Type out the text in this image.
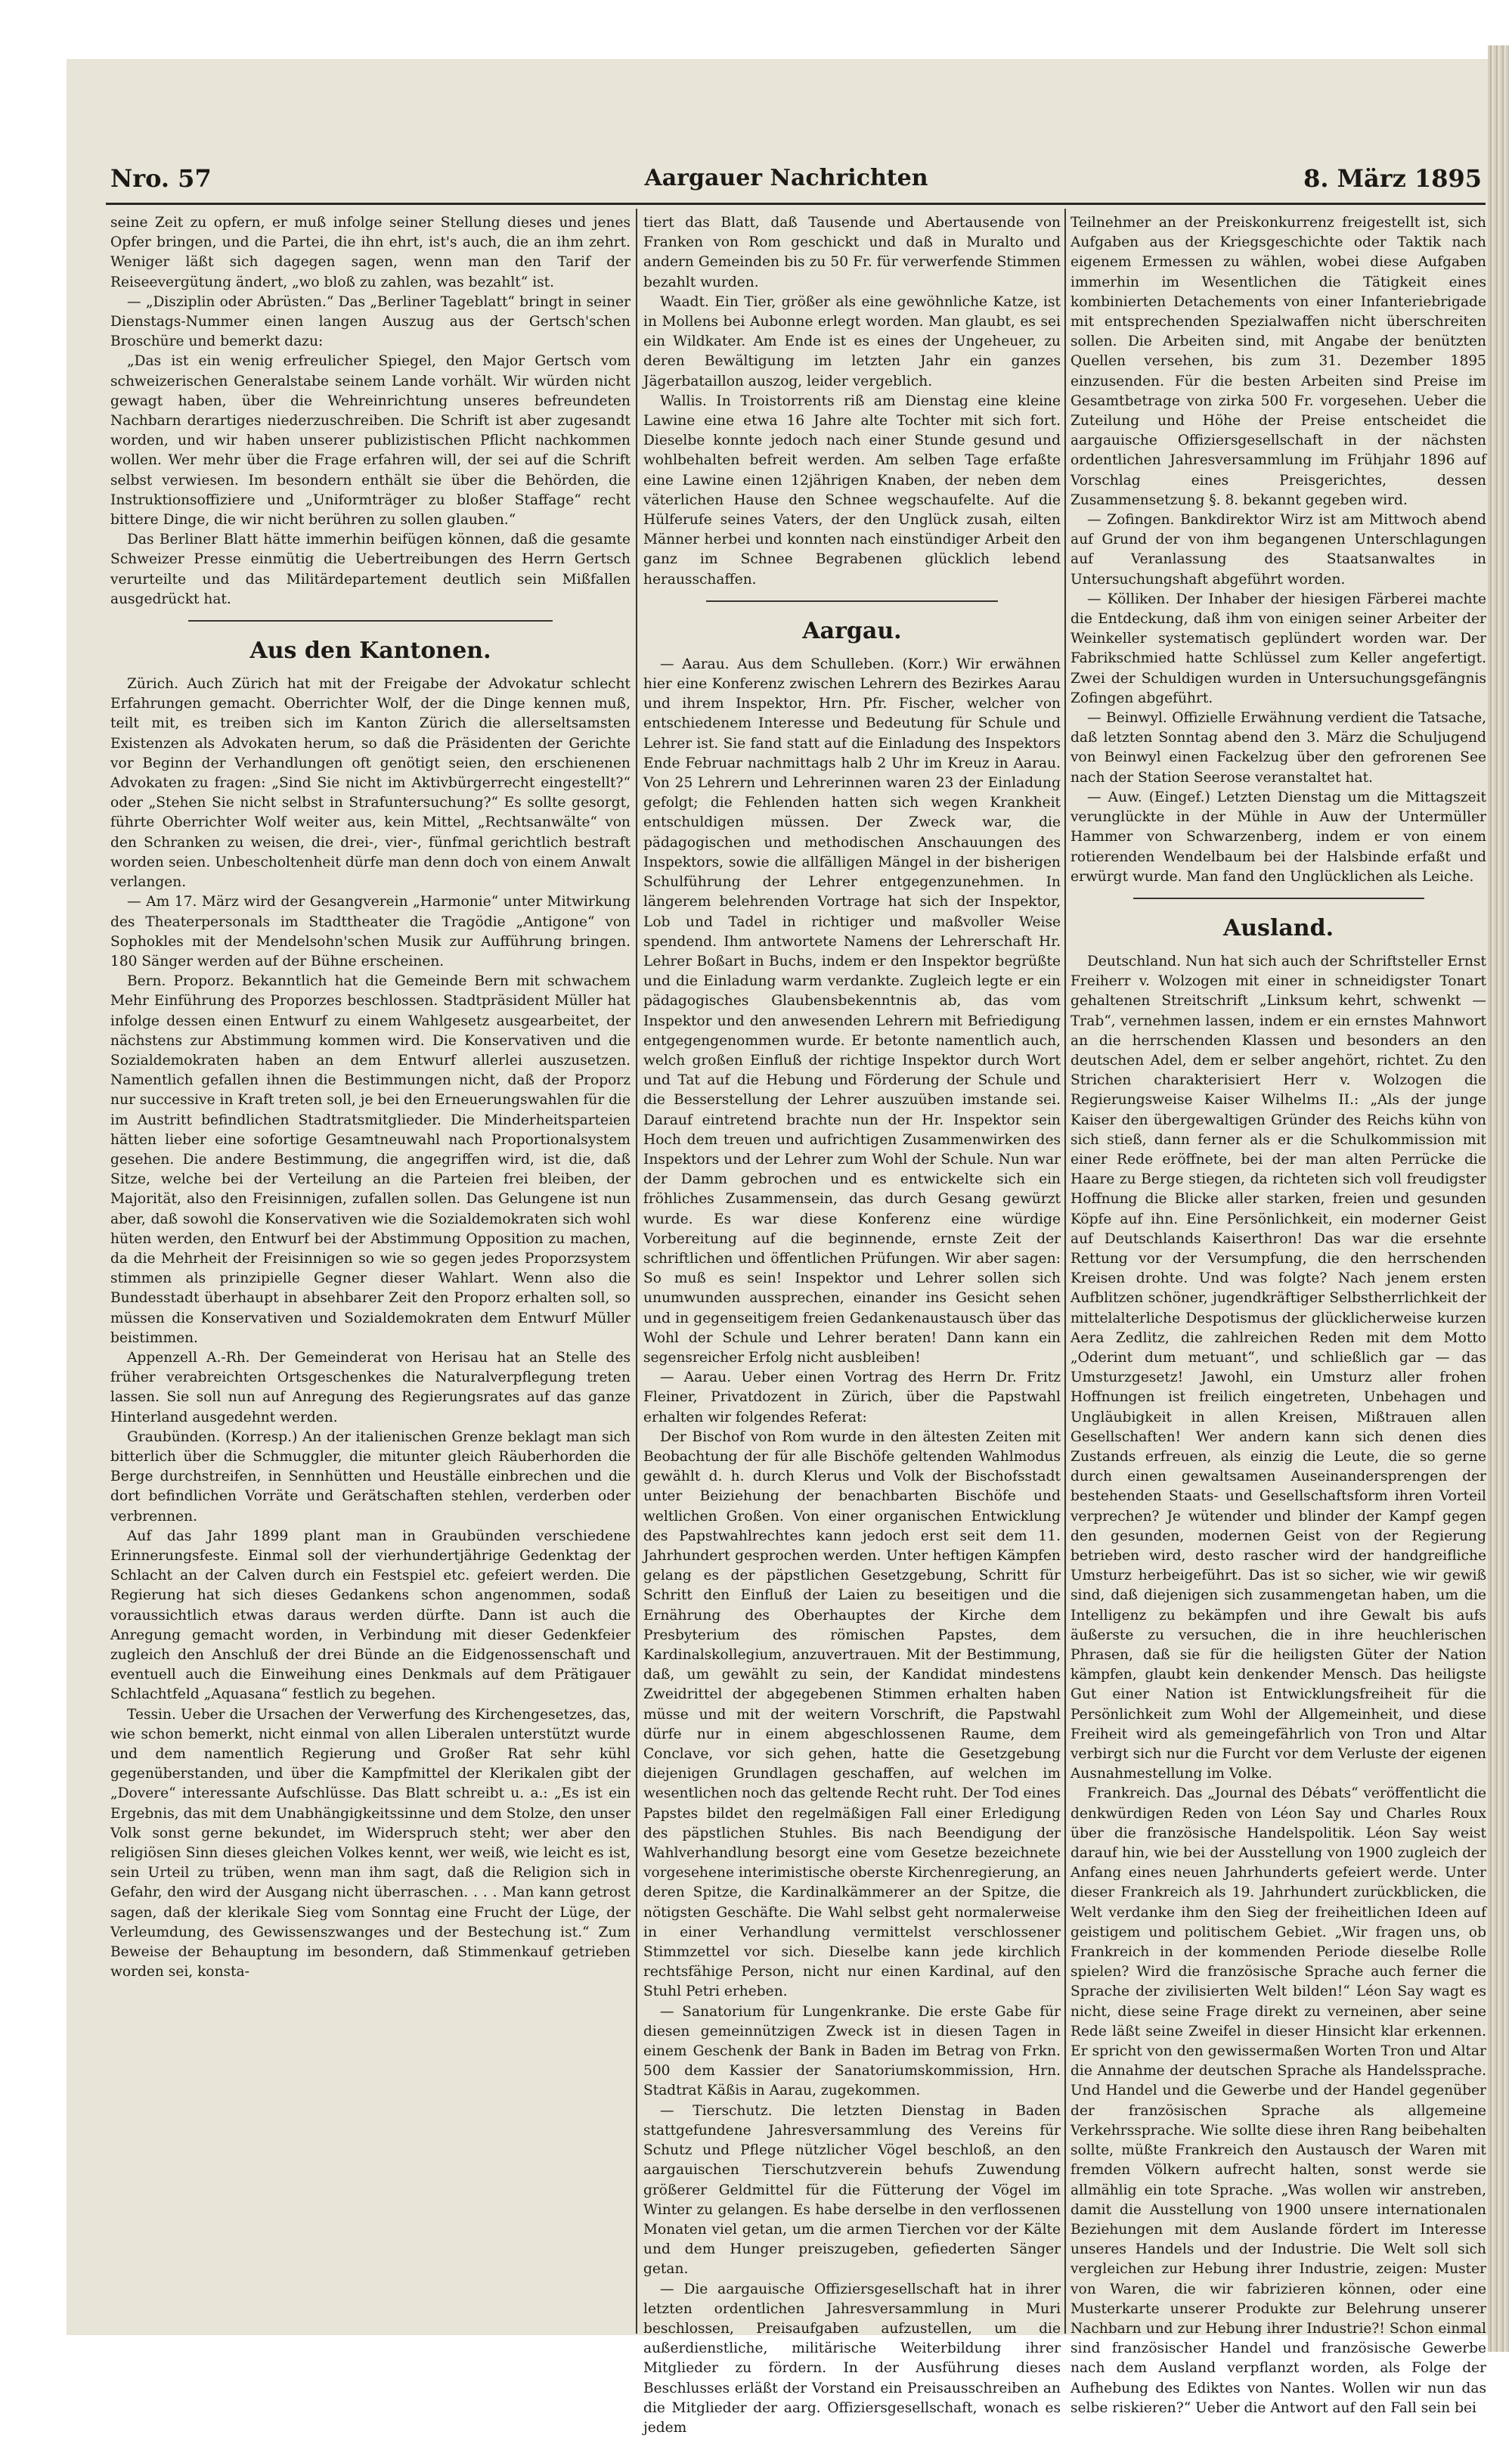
Nro. 57	Aargauer Nachrichten	8. März 1895

seine Zeit zu opfern, er muß infolge seiner Stellung dieses und jenes Opfer bringen, und die Partei, die ihn ehrt, ist's auch, die an ihm zehrt. Weniger läßt sich dagegen sagen, wenn man den Tarif der Reiseevergütung ändert, „wo bloß zu zahlen, was bezahlt“ ist.

— „Disziplin oder Abrüsten.“ Das „Berliner Tageblatt“ bringt in seiner Dienstags-Nummer einen langen Auszug aus der Gertsch'schen Broschüre und bemerkt dazu:

„Das ist ein wenig erfreulicher Spiegel, den Major Gertsch vom schweizerischen Generalstabe seinem Lande vorhält. Wir würden nicht gewagt haben, über die Wehreinrichtung unseres befreundeten Nachbarn derartiges niederzuschreiben. Die Schrift ist aber zugesandt worden, und wir haben unserer publizistischen Pflicht nachkommen wollen. Wer mehr über die Frage erfahren will, der sei auf die Schrift selbst verwiesen. Im besondern enthält sie über die Behörden, die Instruktionsoffiziere und „Uniformträger zu bloßer Staffage“ recht bittere Dinge, die wir nicht berühren zu sollen glauben.“

Das Berliner Blatt hätte immerhin beifügen können, daß die gesamte Schweizer Presse einmütig die Uebertreibungen des Herrn Gertsch verurteilte und das Militärdepartement deutlich sein Mißfallen ausgedrückt hat.

Aus den Kantonen.

Zürich. Auch Zürich hat mit der Freigabe der Advokatur schlecht Erfahrungen gemacht. Oberrichter Wolf, der die Dinge kennen muß, teilt mit, es treiben sich im Kanton Zürich die allerseltsamsten Existenzen als Advokaten herum, so daß die Präsidenten der Gerichte vor Beginn der Verhandlungen oft genötigt seien, den erschienenen Advokaten zu fragen: „Sind Sie nicht im Aktivbürgerrecht eingestellt?“ oder „Stehen Sie nicht selbst in Strafuntersuchung?“ Es sollte gesorgt, führte Oberrichter Wolf weiter aus, kein Mittel, „Rechtsanwälte“ von den Schranken zu weisen, die drei-, vier-, fünfmal gerichtlich bestraft worden seien. Unbescholtenheit dürfe man denn doch von einem Anwalt verlangen.

— Am 17. März wird der Gesangverein „Harmonie“ unter Mitwirkung des Theaterpersonals im Stadttheater die Tragödie „Antigone“ von Sophokles mit der Mendelsohn'schen Musik zur Aufführung bringen. 180 Sänger werden auf der Bühne erscheinen.

Bern. Proporz. Bekanntlich hat die Gemeinde Bern mit schwachem Mehr Einführung des Proporzes beschlossen. Stadtpräsident Müller hat infolge dessen einen Entwurf zu einem Wahlgesetz ausgearbeitet, der nächstens zur Abstimmung kommen wird. Die Konservativen und die Sozialdemokraten haben an dem Entwurf allerlei auszusetzen. Namentlich gefallen ihnen die Bestimmungen nicht, daß der Proporz nur successive in Kraft treten soll, je bei den Erneuerungswahlen für die im Austritt befindlichen Stadtratsmitglieder. Die Minderheitsparteien hätten lieber eine sofortige Gesamtneuwahl nach Proportionalsystem gesehen. Die andere Bestimmung, die angegriffen wird, ist die, daß Sitze, welche bei der Verteilung an die Parteien frei bleiben, der Majorität, also den Freisinnigen, zufallen sollen. Das Gelungene ist nun aber, daß sowohl die Konservativen wie die Sozialdemokraten sich wohl hüten werden, den Entwurf bei der Abstimmung Opposition zu machen, da die Mehrheit der Freisinnigen so wie so gegen jedes Proporzsystem stimmen als prinzipielle Gegner dieser Wahlart. Wenn also die Bundesstadt überhaupt in absehbarer Zeit den Proporz erhalten soll, so müssen die Konservativen und Sozialdemokraten dem Entwurf Müller beistimmen.

Appenzell A.-Rh. Der Gemeinderat von Herisau hat an Stelle des früher verabreichten Ortsgeschenkes die Naturalverpflegung treten lassen. Sie soll nun auf Anregung des Regierungsrates auf das ganze Hinterland ausgedehnt werden.

Graubünden. (Korresp.) An der italienischen Grenze beklagt man sich bitterlich über die Schmuggler, die mitunter gleich Räuberhorden die Berge durchstreifen, in Sennhütten und Heuställe einbrechen und die dort befindlichen Vorräte und Gerätschaften stehlen, verderben oder verbrennen.

Auf das Jahr 1899 plant man in Graubünden verschiedene Erinnerungsfeste. Einmal soll der vierhundertjährige Gedenktag der Schlacht an der Calven durch ein Festspiel etc. gefeiert werden. Die Regierung hat sich dieses Gedankens schon angenommen, sodaß voraussichtlich etwas daraus werden dürfte. Dann ist auch die Anregung gemacht worden, in Verbindung mit dieser Gedenkfeier zugleich den Anschluß der drei Bünde an die Eidgenossenschaft und eventuell auch die Einweihung eines Denkmals auf dem Prätigauer Schlachtfeld „Aquasana“ festlich zu begehen.

Tessin. Ueber die Ursachen der Verwerfung des Kirchengesetzes, das, wie schon bemerkt, nicht einmal von allen Liberalen unterstützt wurde und dem namentlich Regierung und Großer Rat sehr kühl gegenüberstanden, und über die Kampfmittel der Klerikalen gibt der „Dovere“ interessante Aufschlüsse. Das Blatt schreibt u. a.: „Es ist ein Ergebnis, das mit dem Unabhängigkeitssinne und dem Stolze, den unser Volk sonst gerne bekundet, im Widerspruch steht; wer aber den religiösen Sinn dieses gleichen Volkes kennt, wer weiß, wie leicht es ist, sein Urteil zu trüben, wenn man ihm sagt, daß die Religion sich in Gefahr, den wird der Ausgang nicht überraschen. . . . Man kann getrost sagen, daß der klerikale Sieg vom Sonntag eine Frucht der Lüge, der Verleumdung, des Gewissenszwanges und der Bestechung ist.“ Zum Beweise der Behauptung im besondern, daß Stimmenkauf getrieben worden sei, konsta-

tiert das Blatt, daß Tausende und Abertausende von Franken von Rom geschickt und daß in Muralto und andern Gemeinden bis zu 50 Fr. für verwerfende Stimmen bezahlt wurden.

Waadt. Ein Tier, größer als eine gewöhnliche Katze, ist in Mollens bei Aubonne erlegt worden. Man glaubt, es sei ein Wildkater. Am Ende ist es eines der Ungeheuer, zu deren Bewältigung im letzten Jahr ein ganzes Jägerbataillon auszog, leider vergeblich.

Wallis. In Troistorrents riß am Dienstag eine kleine Lawine eine etwa 16 Jahre alte Tochter mit sich fort. Dieselbe konnte jedoch nach einer Stunde gesund und wohlbehalten befreit werden. Am selben Tage erfaßte eine Lawine einen 12jährigen Knaben, der neben dem väterlichen Hause den Schnee wegschaufelte. Auf die Hülferufe seines Vaters, der den Unglück zusah, eilten Männer herbei und konnten nach einstündiger Arbeit den ganz im Schnee Begrabenen glücklich lebend herausschaffen.

Aargau.

— Aarau. Aus dem Schulleben. (Korr.) Wir erwähnen hier eine Konferenz zwischen Lehrern des Bezirkes Aarau und ihrem Inspektor, Hrn. Pfr. Fischer, welcher von entschiedenem Interesse und Bedeutung für Schule und Lehrer ist. Sie fand statt auf die Einladung des Inspektors Ende Februar nachmittags halb 2 Uhr im Kreuz in Aarau. Von 25 Lehrern und Lehrerinnen waren 23 der Einladung gefolgt; die Fehlenden hatten sich wegen Krankheit entschuldigen müssen. Der Zweck war, die pädagogischen und methodischen Anschauungen des Inspektors, sowie die allfälligen Mängel in der bisherigen Schulführung der Lehrer entgegenzunehmen. In längerem belehrenden Vortrage hat sich der Inspektor, Lob und Tadel in richtiger und maßvoller Weise spendend. Ihm antwortete Namens der Lehrerschaft Hr. Lehrer Boßart in Buchs, indem er den Inspektor begrüßte und die Einladung warm verdankte. Zugleich legte er ein pädagogisches Glaubensbekenntnis ab, das vom Inspektor und den anwesenden Lehrern mit Befriedigung entgegengenommen wurde. Er betonte namentlich auch, welch großen Einfluß der richtige Inspektor durch Wort und Tat auf die Hebung und Förderung der Schule und die Besserstellung der Lehrer auszuüben imstande sei. Darauf eintretend brachte nun der Hr. Inspektor sein Hoch dem treuen und aufrichtigen Zusammenwirken des Inspektors und der Lehrer zum Wohl der Schule. Nun war der Damm gebrochen und es entwickelte sich ein fröhliches Zusammensein, das durch Gesang gewürzt wurde. Es war diese Konferenz eine würdige Vorbereitung auf die beginnende, ernste Zeit der schriftlichen und öffentlichen Prüfungen. Wir aber sagen: So muß es sein! Inspektor und Lehrer sollen sich unumwunden aussprechen, einander ins Gesicht sehen und in gegenseitigem freien Gedankenaustausch über das Wohl der Schule und Lehrer beraten! Dann kann ein segensreicher Erfolg nicht ausbleiben!

— Aarau. Ueber einen Vortrag des Herrn Dr. Fritz Fleiner, Privatdozent in Zürich, über die Papstwahl erhalten wir folgendes Referat:

Der Bischof von Rom wurde in den ältesten Zeiten mit Beobachtung der für alle Bischöfe geltenden Wahlmodus gewählt d. h. durch Klerus und Volk der Bischofsstadt unter Beiziehung der benachbarten Bischöfe und weltlichen Großen. Von einer organischen Entwicklung des Papstwahlrechtes kann jedoch erst seit dem 11. Jahrhundert gesprochen werden. Unter heftigen Kämpfen gelang es der päpstlichen Gesetzgebung, Schritt für Schritt den Einfluß der Laien zu beseitigen und die Ernährung des Oberhauptes der Kirche dem Presbyterium des römischen Papstes, dem Kardinalskollegium, anzuvertrauen. Mit der Bestimmung, daß, um gewählt zu sein, der Kandidat mindestens Zweidrittel der abgegebenen Stimmen erhalten haben müsse und mit der weitern Vorschrift, die Papstwahl dürfe nur in einem abgeschlossenen Raume, dem Conclave, vor sich gehen, hatte die Gesetzgebung diejenigen Grundlagen geschaffen, auf welchen im wesentlichen noch das geltende Recht ruht. Der Tod eines Papstes bildet den regelmäßigen Fall einer Erledigung des päpstlichen Stuhles. Bis nach Beendigung der Wahlverhandlung besorgt eine vom Gesetze bezeichnete vorgesehene interimistische oberste Kirchenregierung, an deren Spitze, die Kardinalkämmerer an der Spitze, die nötigsten Geschäfte. Die Wahl selbst geht normalerweise in einer Verhandlung vermittelst verschlossener Stimmzettel vor sich. Dieselbe kann jede kirchlich rechtsfähige Person, nicht nur einen Kardinal, auf den Stuhl Petri erheben.

— Sanatorium für Lungenkranke. Die erste Gabe für diesen gemeinnützigen Zweck ist in diesen Tagen in einem Geschenk der Bank in Baden im Betrag von Frkn. 500 dem Kassier der Sanatoriumskommission, Hrn. Stadtrat Käßis in Aarau, zugekommen.

— Tierschutz. Die letzten Dienstag in Baden stattgefundene Jahresversammlung des Vereins für Schutz und Pflege nützlicher Vögel beschloß, an den aargauischen Tierschutzverein behufs Zuwendung größerer Geldmittel für die Fütterung der Vögel im Winter zu gelangen. Es habe derselbe in den verflossenen Monaten viel getan, um die armen Tierchen vor der Kälte und dem Hunger preiszugeben, gefiederten Sänger getan.

— Die aargauische Offiziersgesellschaft hat in ihrer letzten ordentlichen Jahresversammlung in Muri beschlossen, Preisaufgaben aufzustellen, um die außerdienstliche, militärische Weiterbildung ihrer Mitglieder zu fördern. In der Ausführung dieses Beschlusses erläßt der Vorstand ein Preisausschreiben an die Mitglieder der aarg. Offiziersgesellschaft, wonach es jedem

Teilnehmer an der Preiskonkurrenz freigestellt ist, sich Aufgaben aus der Kriegsgeschichte oder Taktik nach eigenem Ermessen zu wählen, wobei diese Aufgaben immerhin im Wesentlichen die Tätigkeit eines kombinierten Detachements von einer Infanteriebrigade mit entsprechenden Spezialwaffen nicht überschreiten sollen. Die Arbeiten sind, mit Angabe der benützten Quellen versehen, bis zum 31. Dezember 1895 einzusenden. Für die besten Arbeiten sind Preise im Gesamtbetrage von zirka 500 Fr. vorgesehen. Ueber die Zuteilung und Höhe der Preise entscheidet die aargauische Offiziersgesellschaft in der nächsten ordentlichen Jahresversammlung im Frühjahr 1896 auf Vorschlag eines Preisgerichtes, dessen Zusammensetzung §. 8. bekannt gegeben wird.

— Zofingen. Bankdirektor Wirz ist am Mittwoch abend auf Grund der von ihm begangenen Unterschlagungen auf Veranlassung des Staatsanwaltes in Untersuchungshaft abgeführt worden.

— Kölliken. Der Inhaber der hiesigen Färberei machte die Entdeckung, daß ihm von einigen seiner Arbeiter der Weinkeller systematisch geplündert worden war. Der Fabrikschmied hatte Schlüssel zum Keller angefertigt. Zwei der Schuldigen wurden in Untersuchungsgefängnis Zofingen abgeführt.

— Beinwyl. Offizielle Erwähnung verdient die Tatsache, daß letzten Sonntag abend den 3. März die Schuljugend von Beinwyl einen Fackelzug über den gefrorenen See nach der Station Seerose veranstaltet hat.

— Auw. (Eingef.) Letzten Dienstag um die Mittagszeit verunglückte in der Mühle in Auw der Untermüller Hammer von Schwarzenberg, indem er von einem rotierenden Wendelbaum bei der Halsbinde erfaßt und erwürgt wurde. Man fand den Unglücklichen als Leiche.

Ausland.

Deutschland. Nun hat sich auch der Schriftsteller Ernst Freiherr v. Wolzogen mit einer in schneidigster Tonart gehaltenen Streitschrift „Linksum kehrt, schwenkt — Trab“, vernehmen lassen, indem er ein ernstes Mahnwort an die herrschenden Klassen und besonders an den deutschen Adel, dem er selber angehört, richtet. Zu den Strichen charakterisiert Herr v. Wolzogen die Regierungsweise Kaiser Wilhelms II.: „Als der junge Kaiser den übergewaltigen Gründer des Reichs kühn von sich stieß, dann ferner als er die Schulkommission mit einer Rede eröffnete, bei der man alten Perrücke die Haare zu Berge stiegen, da richteten sich voll freudigster Hoffnung die Blicke aller starken, freien und gesunden Köpfe auf ihn. Eine Persönlichkeit, ein moderner Geist auf Deutschlands Kaiserthron! Das war die ersehnte Rettung vor der Versumpfung, die den herrschenden Kreisen drohte. Und was folgte? Nach jenem ersten Aufblitzen schöner, jugendkräftiger Selbstherrlichkeit der mittelalterliche Despotismus der glücklicherweise kurzen Aera Zedlitz, die zahlreichen Reden mit dem Motto „Oderint dum metuant“, und schließlich gar — das Umsturzgesetz! Jawohl, ein Umsturz aller frohen Hoffnungen ist freilich eingetreten, Unbehagen und Ungläubigkeit in allen Kreisen, Mißtrauen allen Gesellschaften! Wer andern kann sich denen dies Zustands erfreuen, als einzig die Leute, die so gerne durch einen gewaltsamen Auseinandersprengen der bestehenden Staats- und Gesellschaftsform ihren Vorteil verprechen? Je wütender und blinder der Kampf gegen den gesunden, modernen Geist von der Regierung betrieben wird, desto rascher wird der handgreifliche Umsturz herbeigeführt. Das ist so sicher, wie wir gewiß sind, daß diejenigen sich zusammengetan haben, um die Intelligenz zu bekämpfen und ihre Gewalt bis aufs äußerste zu versuchen, die in ihre heuchlerischen Phrasen, daß sie für die heiligsten Güter der Nation kämpfen, glaubt kein denkender Mensch. Das heiligste Gut einer Nation ist Entwicklungsfreiheit für die Persönlichkeit zum Wohl der Allgemeinheit, und diese Freiheit wird als gemeingefährlich von Tron und Altar verbirgt sich nur die Furcht vor dem Verluste der eigenen Ausnahmestellung im Volke.

Frankreich. Das „Journal des Débats“ veröffentlicht die denkwürdigen Reden von Léon Say und Charles Roux über die französische Handelspolitik. Léon Say weist darauf hin, wie bei der Ausstellung von 1900 zugleich der Anfang eines neuen Jahrhunderts gefeiert werde. Unter dieser Frankreich als 19. Jahrhundert zurückblicken, die Welt verdanke ihm den Sieg der freiheitlichen Ideen auf geistigem und politischem Gebiet. „Wir fragen uns, ob Frankreich in der kommenden Periode dieselbe Rolle spielen? Wird die französische Sprache auch ferner die Sprache der zivilisierten Welt bilden!“ Léon Say wagt es nicht, diese seine Frage direkt zu verneinen, aber seine Rede läßt seine Zweifel in dieser Hinsicht klar erkennen. Er spricht von den gewissermaßen Worten Tron und Altar die Annahme der deutschen Sprache als Handelssprache. Und Handel und die Gewerbe und der Handel gegenüber der französischen Sprache als allgemeine Verkehrssprache. Wie sollte diese ihren Rang beibehalten sollte, müßte Frankreich den Austausch der Waren mit fremden Völkern aufrecht halten, sonst werde sie allmählig ein tote Sprache. „Was wollen wir anstreben, damit die Ausstellung von 1900 unsere internationalen Beziehungen mit dem Auslande fördert im Interesse unseres Handels und der Industrie. Die Welt soll sich vergleichen zur Hebung ihrer Industrie, zeigen: Muster von Waren, die wir fabrizieren können, oder eine Musterkarte unserer Produkte zur Belehrung unserer Nachbarn und zur Hebung ihrer Industrie?! Schon einmal sind französischer Handel und französische Gewerbe nach dem Ausland verpflanzt worden, als Folge der Aufhebung des Ediktes von Nantes. Wollen wir nun das selbe riskieren?“ Ueber die Antwort auf den Fall sein bei
